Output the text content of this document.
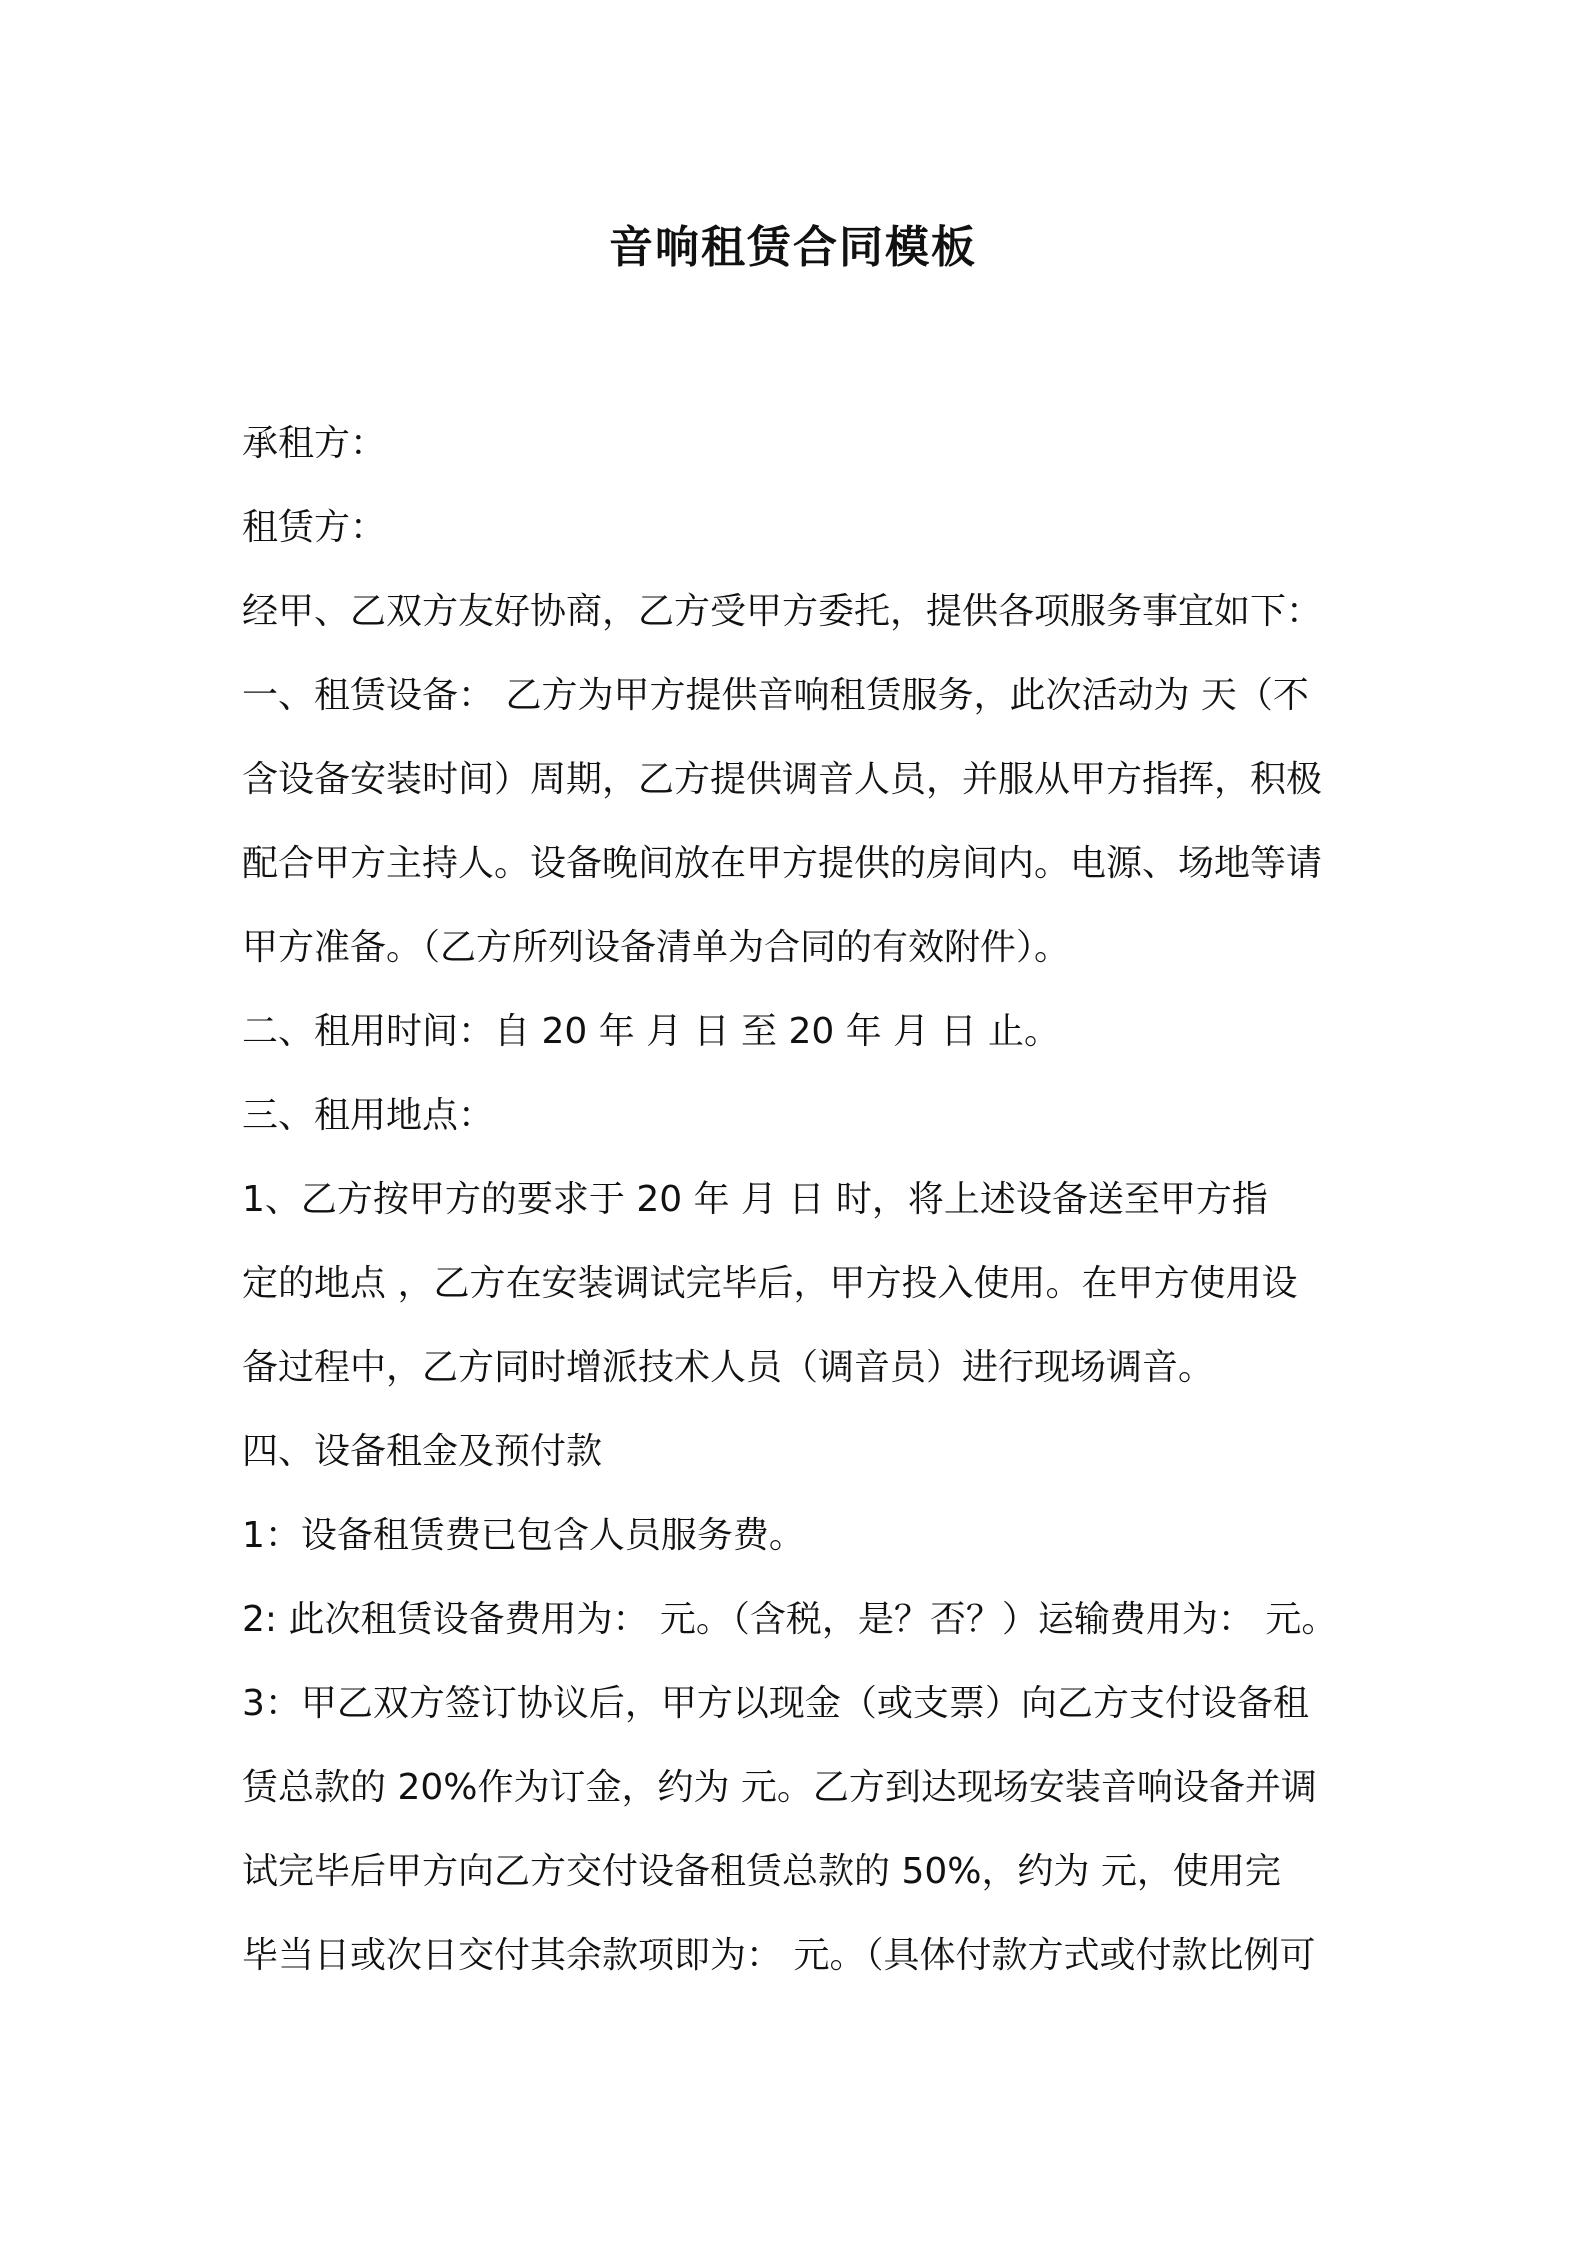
音响租赁合同模板
承租方：
租赁方：
经甲、乙双方友好协商，乙方受甲方委托，提供各项服务事宜如下：
一、租赁设备： 乙方为甲方提供音响租赁服务，此次活动为 天（不
含设备安装时间）周期，乙方提供调音人员，并服从甲方指挥，积极
配合甲方主持人。设备晚间放在甲方提供的房间内。电源、场地等请
甲方准备。（乙方所列设备清单为合同的有效附件）。
二、租用时间：自 20 年 月 日 至 20 年 月 日 止。
三、租用地点：
1、乙方按甲方的要求于 20 年 月 日 时，将上述设备送至甲方指
定的地点 ，乙方在安装调试完毕后，甲方投入使用。在甲方使用设
备过程中，乙方同时增派技术人员（调音员）进行现场调音。
四、设备租金及预付款
1：设备租赁费已包含人员服务费。
2: 此次租赁设备费用为： 元。（含税，是？否？）运输费用为： 元。
3：甲乙双方签订协议后，甲方以现金（或支票）向乙方支付设备租
赁总款的 20%作为订金，约为 元。乙方到达现场安装音响设备并调
试完毕后甲方向乙方交付设备租赁总款的 50%，约为 元，使用完
毕当日或次日交付其余款项即为： 元。（具体付款方式或付款比例可
